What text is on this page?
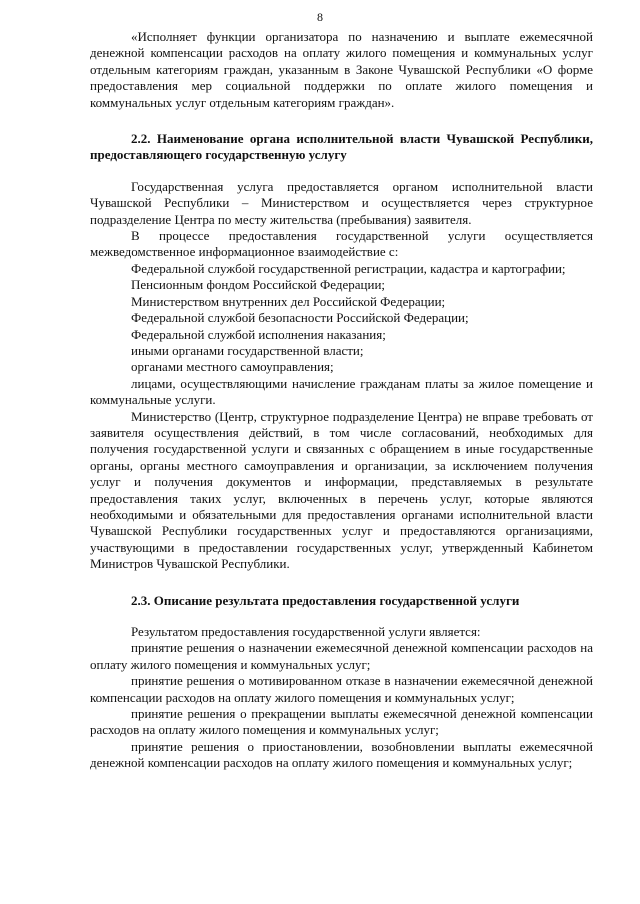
8

«Исполняет функции организатора по назначению и выплате ежемесячной денежной компенсации расходов на оплату жилого помещения и коммунальных услуг отдельным категориям граждан, указанным в Законе Чувашской Республики «О форме предоставления мер социальной поддержки по оплате жилого помещения и коммунальных услуг отдельным категориям граждан».

2.2. Наименование органа исполнительной власти Чувашской Республики, предоставляющего государственную услугу

Государственная услуга предоставляется органом исполнительной власти Чувашской Республики – Министерством и осуществляется через структурное подразделение Центра по месту жительства (пребывания) заявителя.

В процессе предоставления государственной услуги осуществляется межведомственное информационное взаимодействие с:

Федеральной службой государственной регистрации, кадастра и картографии;

Пенсионным фондом Российской Федерации;

Министерством внутренних дел Российской Федерации;

Федеральной службой безопасности Российской Федерации;

Федеральной службой исполнения наказания;

иными органами государственной власти;

органами местного самоуправления;

лицами, осуществляющими начисление гражданам платы за жилое помещение и коммунальные услуги.

Министерство (Центр, структурное подразделение Центра) не вправе требовать от заявителя осуществления действий, в том числе согласований, необходимых для получения государственной услуги и связанных с обращением в иные государственные органы, органы местного самоуправления и организации, за исключением получения услуг и получения документов и информации, представляемых в результате предоставления таких услуг, включенных в перечень услуг, которые являются необходимыми и обязательными для предоставления органами исполнительной власти Чувашской Республики государственных услуг и предоставляются организациями, участвующими в предоставлении государственных услуг, утвержденный Кабинетом Министров Чувашской Республики.

2.3. Описание результата предоставления государственной услуги

Результатом предоставления государственной услуги является:

принятие решения о назначении ежемесячной денежной компенсации расходов на оплату жилого помещения и коммунальных услуг;

принятие решения о мотивированном отказе в назначении ежемесячной денежной компенсации расходов на оплату жилого помещения и коммунальных услуг;

принятие решения о прекращении выплаты ежемесячной денежной компенсации расходов на оплату жилого помещения и коммунальных услуг;

принятие решения о приостановлении, возобновлении выплаты ежемесячной денежной компенсации расходов на оплату жилого помещения и коммунальных услуг;
